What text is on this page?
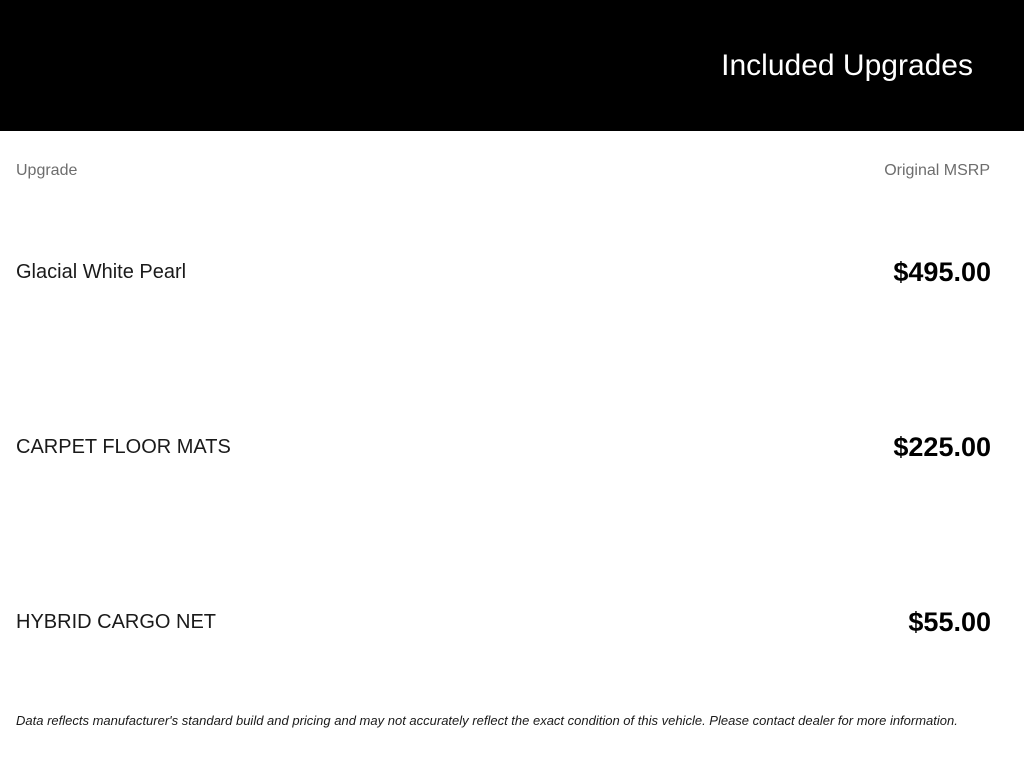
Included Upgrades
Upgrade	Original MSRP
Glacial White Pearl	$495.00
CARPET FLOOR MATS	$225.00
HYBRID CARGO NET	$55.00
Data reflects manufacturer's standard build and pricing and may not accurately reflect the exact condition of this vehicle. Please contact dealer for more information.
